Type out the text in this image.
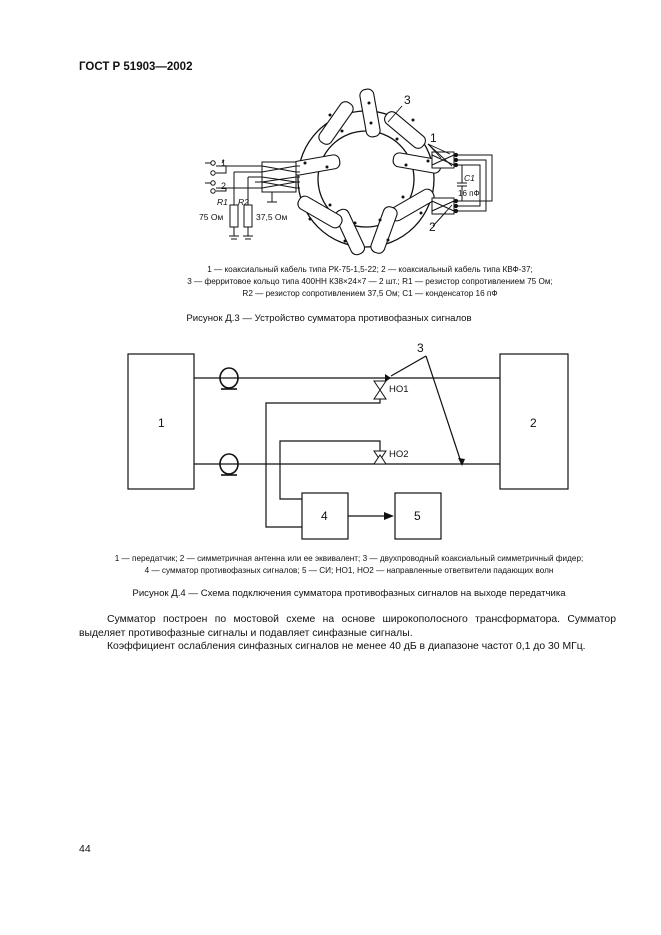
ГОСТ Р 51903—2002
3
1
2
1
2
R1 R2
75 Ом	37,5 Ом
C1
16 пФ
1 — коаксиальный кабель типа РК-75-1,5-22; 2 — коаксиальный кабель типа КВФ-37;
3 — ферритовое кольцо типа 400НН К38×24×7 — 2 шт.; R1 — резистор сопротивлением 75 Ом;
R2 — резистор сопротивлением 37,5 Ом; C1 — конденсатор 16 пФ
Рисунок Д.3 — Устройство сумматора противофазных сигналов
1	2
4	5
3
НО1
НО2
1 — передатчик; 2 — симметричная антенна или ее эквивалент; 3 — двухпроводный коаксиальный симметричный фидер;
4 — сумматор противофазных сигналов; 5 — СИ; НО1, НО2 — направленные ответвители падающих волн
Рисунок Д.4 — Схема подключения сумматора противофазных сигналов на выходе передатчика
Сумматор построен по мостовой схеме на основе широкополосного трансформатора. Сумматор выделяет противофазные сигналы и подавляет синфазные сигналы.
Коэффициент ослабления синфазных сигналов не менее 40 дБ в диапазоне частот 0,1 до 30 МГц.
44
